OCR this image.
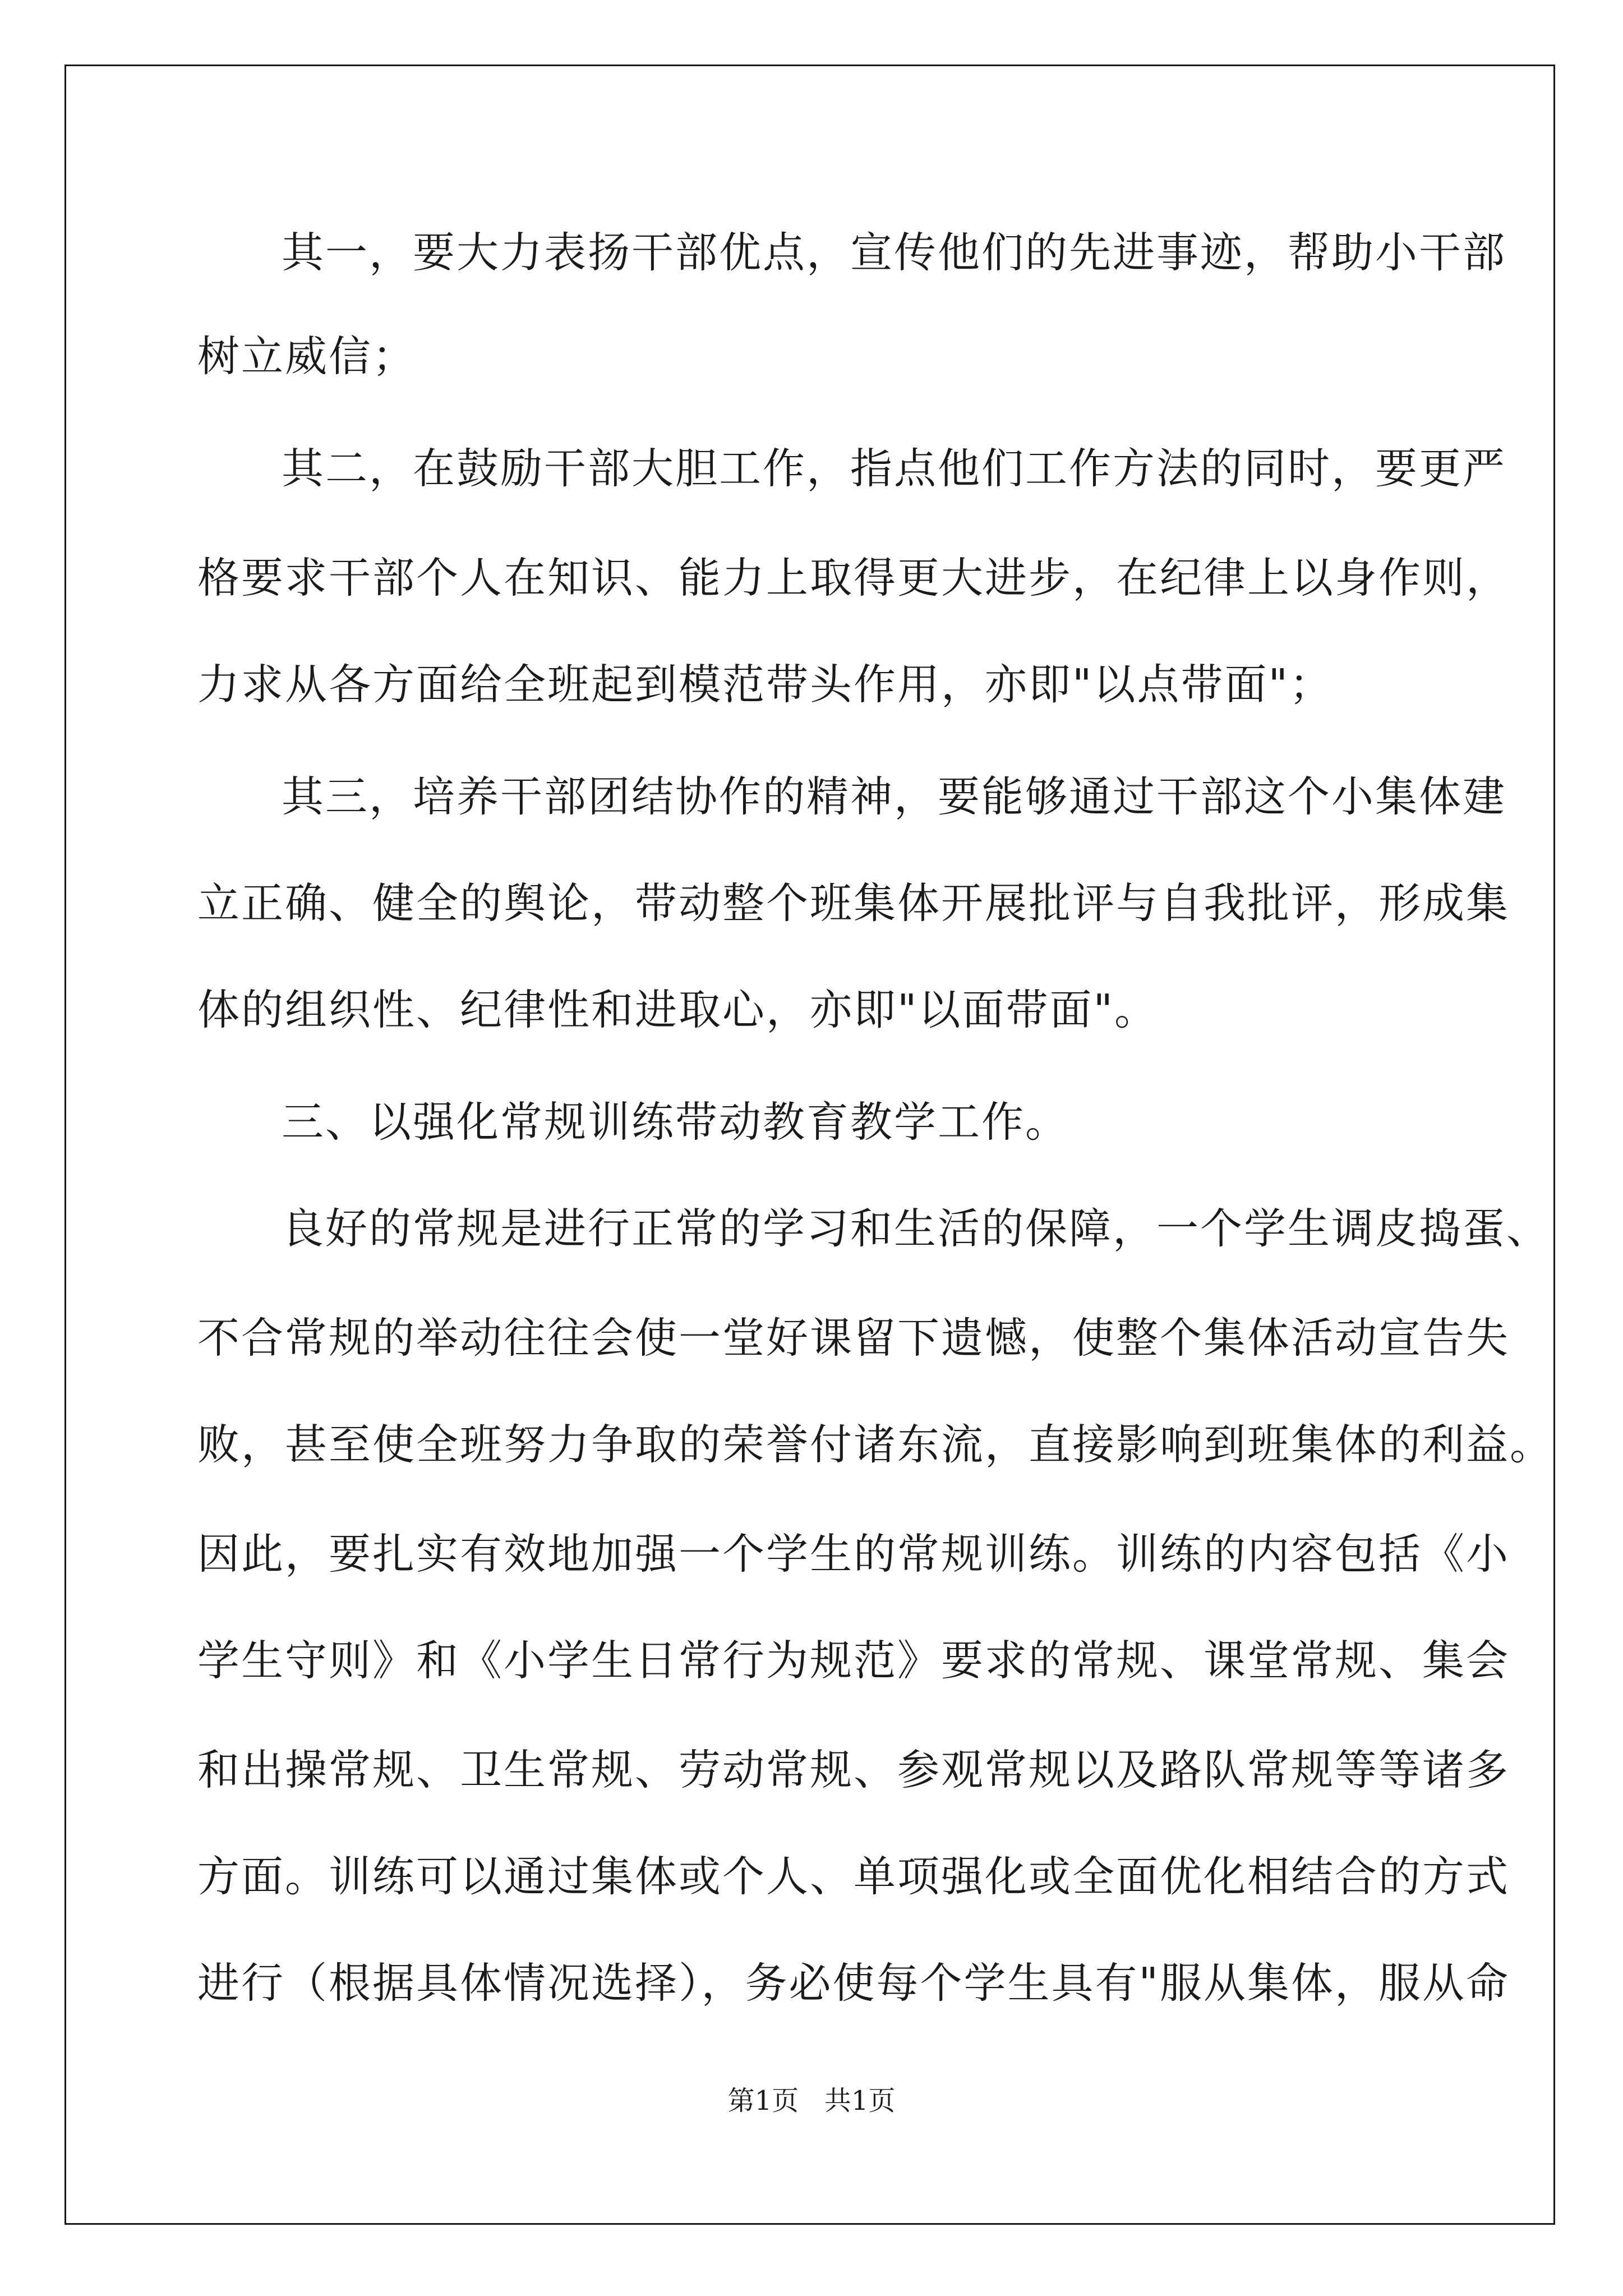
其一，要大力表扬干部优点，宣传他们的先进事迹，帮助小干部

树立威信；

其二，在鼓励干部大胆工作，指点他们工作方法的同时，要更严

格要求干部个人在知识、能力上取得更大进步，在纪律上以身作则，

力求从各方面给全班起到模范带头作用，亦即"以点带面"；

其三，培养干部团结协作的精神，要能够通过干部这个小集体建

立正确、健全的舆论，带动整个班集体开展批评与自我批评，形成集

体的组织性、纪律性和进取心，亦即"以面带面"。

三、以强化常规训练带动教育教学工作。

良好的常规是进行正常的学习和生活的保障，一个学生调皮捣蛋、

不合常规的举动往往会使一堂好课留下遗憾，使整个集体活动宣告失

败，甚至使全班努力争取的荣誉付诸东流，直接影响到班集体的利益。

因此，要扎实有效地加强一个学生的常规训练。训练的内容包括《小

学生守则》和《小学生日常行为规范》要求的常规、课堂常规、集会

和出操常规、卫生常规、劳动常规、参观常规以及路队常规等等诸多

方面。训练可以通过集体或个人、单项强化或全面优化相结合的方式

进行（根据具体情况选择），务必使每个学生具有"服从集体，服从命

第1页   共1页
